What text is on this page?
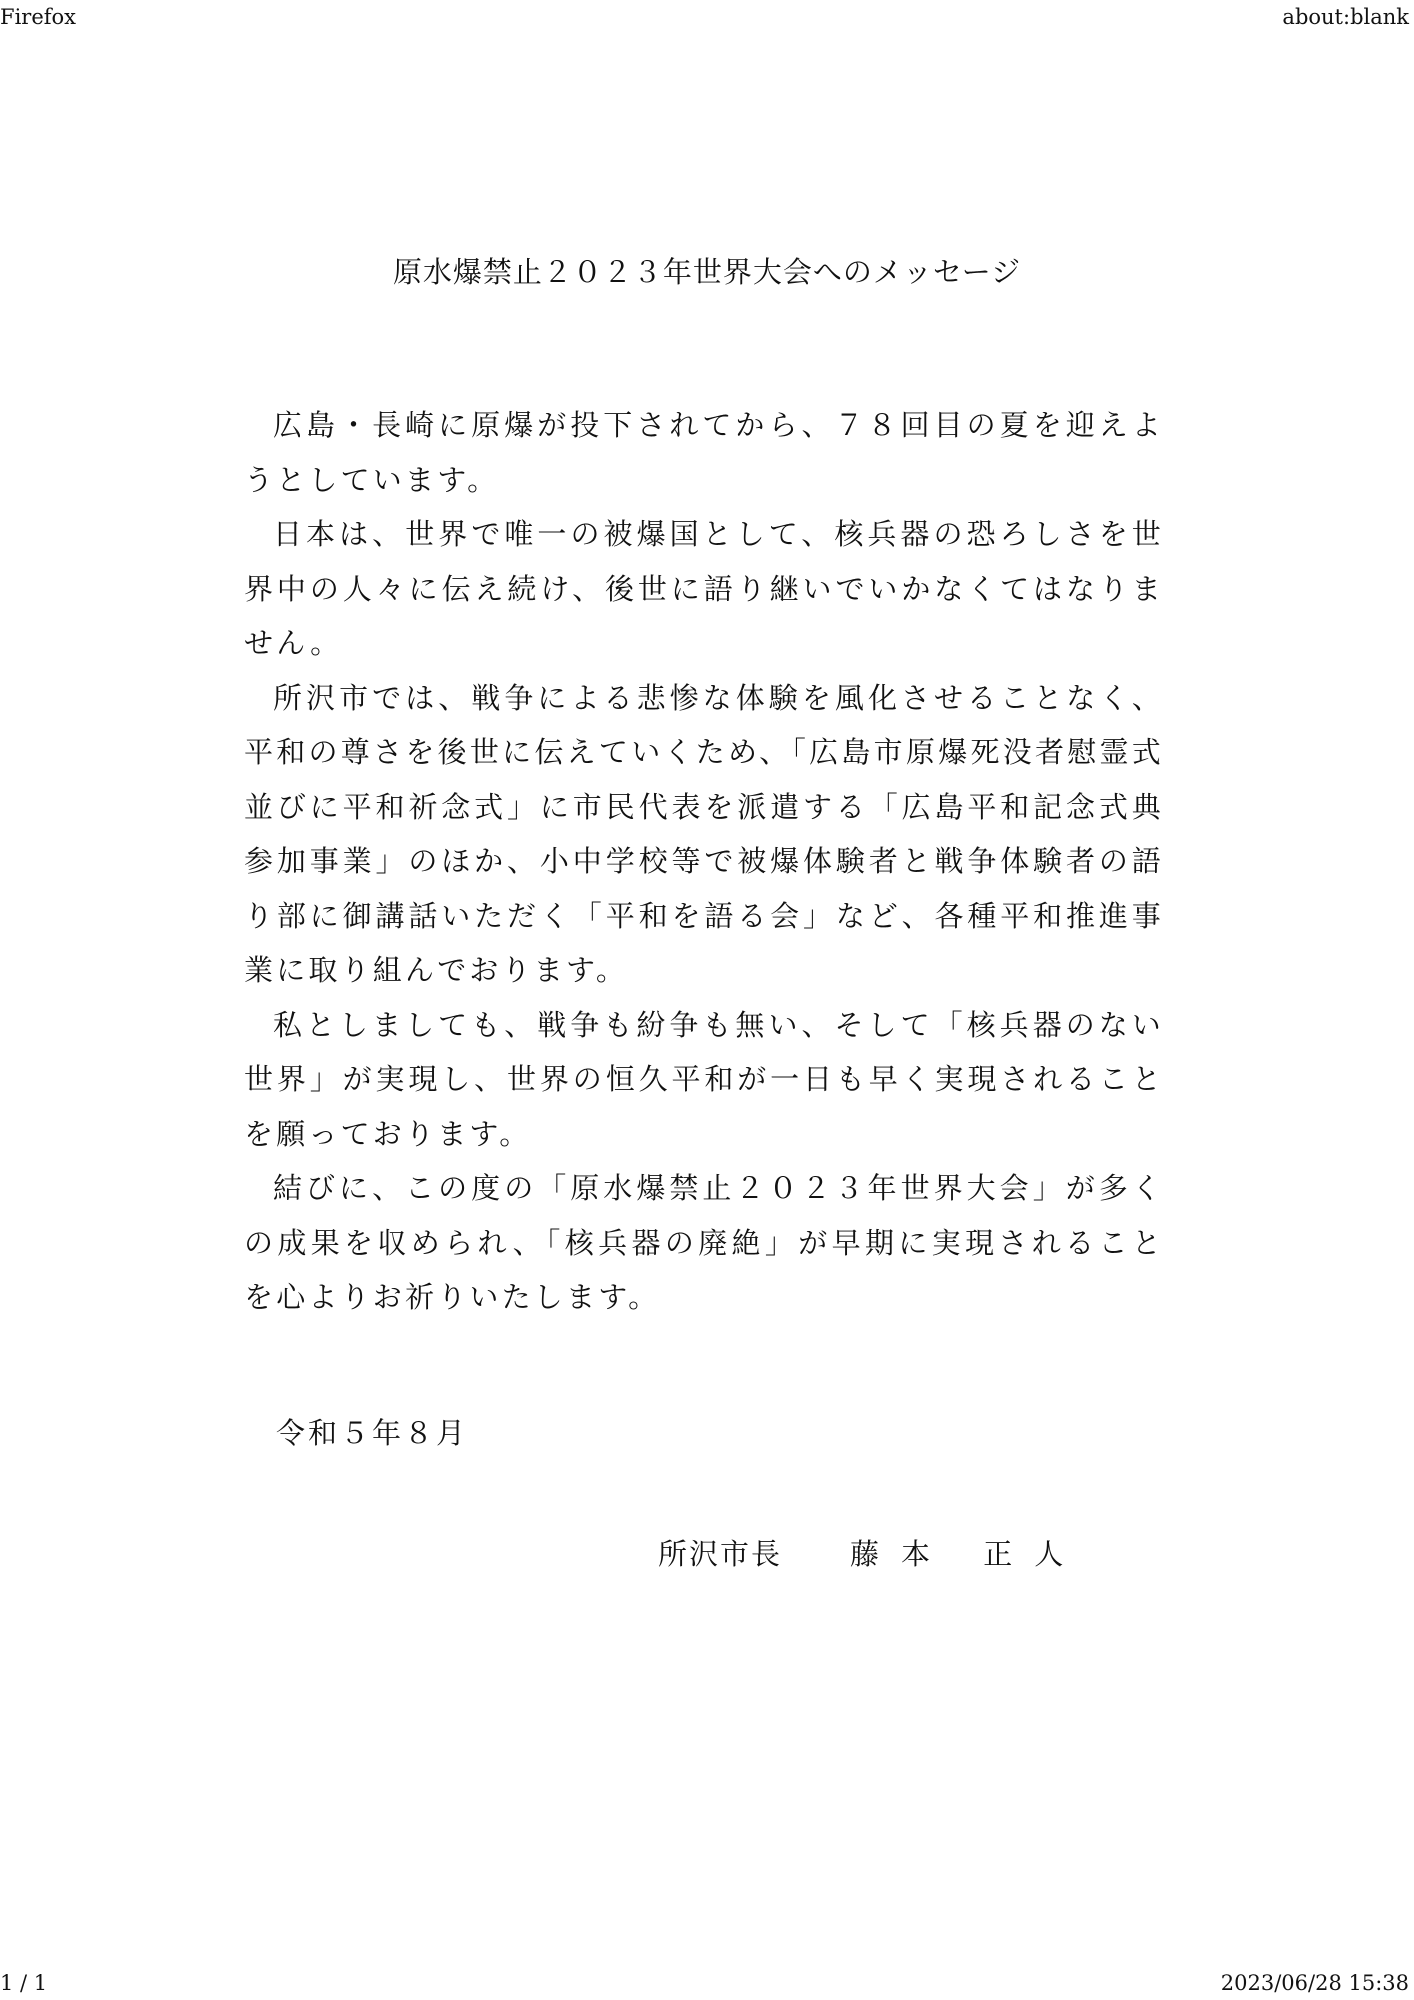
Firefox	about:blank
原水爆禁止２０２３年世界大会へのメッセージ

広島・長崎に原爆が投下されてから、７８回目の夏を迎えようとしています。

日本は、世界で唯一の被爆国として、核兵器の恐ろしさを世界中の人々に伝え続け、後世に語り継いでいかなくてはなりません。

所沢市では、戦争による悲惨な体験を風化させることなく、平和の尊さを後世に伝えていくため、「広島市原爆死没者慰霊式並びに平和祈念式」に市民代表を派遣する「広島平和記念式典参加事業」のほか、小中学校等で被爆体験者と戦争体験者の語り部に御講話いただく「平和を語る会」など、各種平和推進事業に取り組んでおります。

私としましても、戦争も紛争も無い、そして「核兵器のない世界」が実現し、世界の恒久平和が一日も早く実現されることを願っております。

結びに、この度の「原水爆禁止２０２３年世界大会」が多くの成果を収められ、「核兵器の廃絶」が早期に実現されることを心よりお祈りいたします。

令和５年８月
所沢市長 藤本 正人
1 / 1	2023/06/28 15:38
